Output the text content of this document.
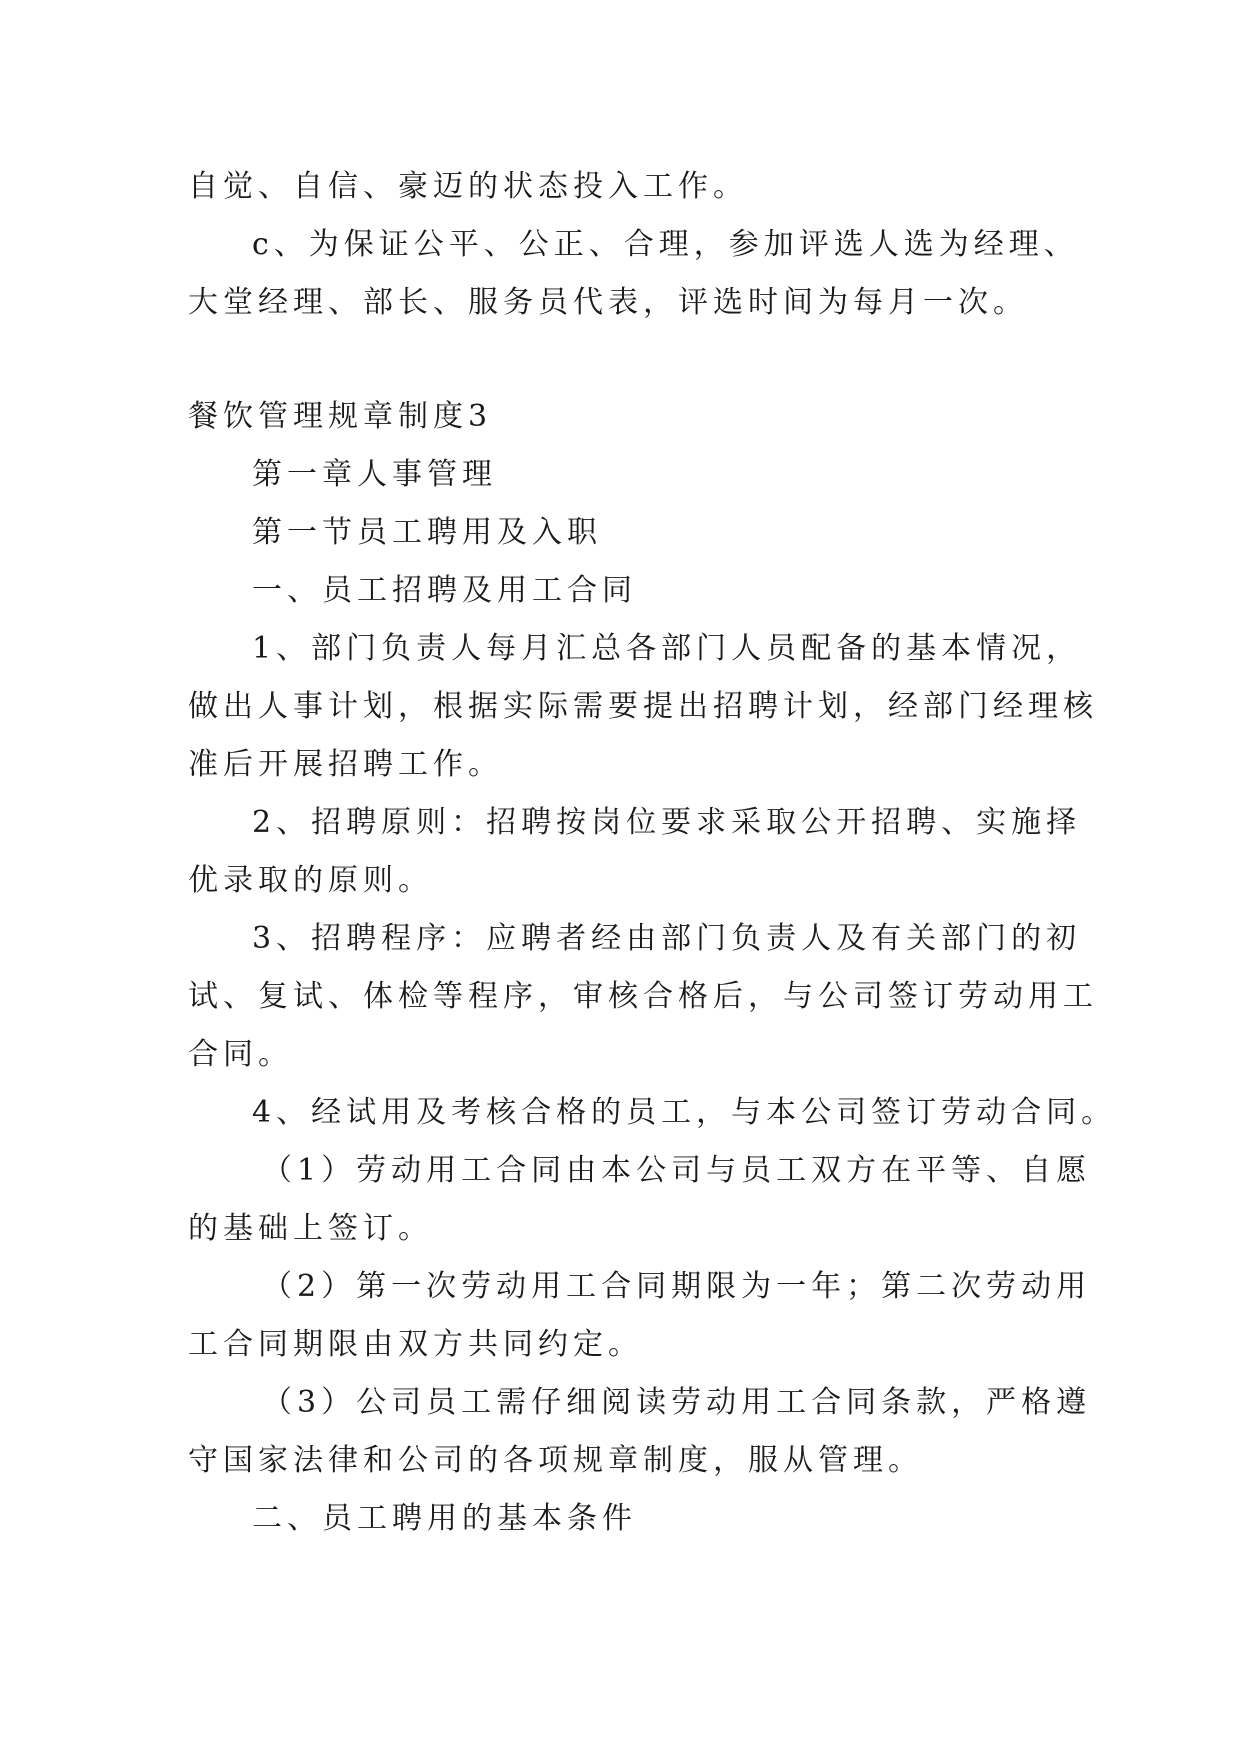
自觉、自信、豪迈的状态投入工作。

c、为保证公平、公正、合理，参加评选人选为经理、

大堂经理、部长、服务员代表，评选时间为每月一次。

餐饮管理规章制度3

第一章人事管理

第一节员工聘用及入职

一、员工招聘及用工合同

1、部门负责人每月汇总各部门人员配备的基本情况，

做出人事计划，根据实际需要提出招聘计划，经部门经理核

准后开展招聘工作。

2、招聘原则：招聘按岗位要求采取公开招聘、实施择

优录取的原则。

3、招聘程序：应聘者经由部门负责人及有关部门的初

试、复试、体检等程序，审核合格后，与公司签订劳动用工

合同。

4、经试用及考核合格的员工，与本公司签订劳动合同。

（1）劳动用工合同由本公司与员工双方在平等、自愿

的基础上签订。

（2）第一次劳动用工合同期限为一年；第二次劳动用

工合同期限由双方共同约定。

（3）公司员工需仔细阅读劳动用工合同条款，严格遵

守国家法律和公司的各项规章制度，服从管理。

二、员工聘用的基本条件
